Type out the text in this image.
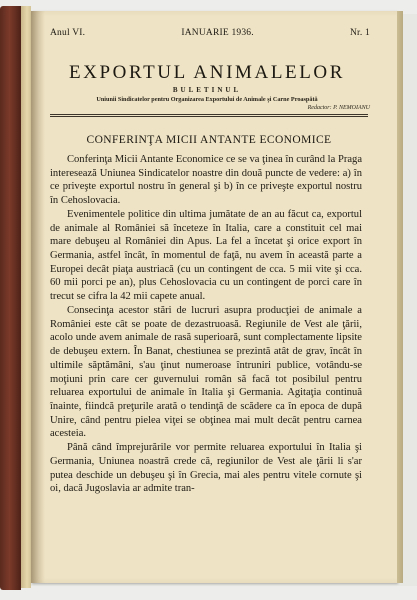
Anul VI.	IANUARIE 1936.	Nr. 1
EXPORTUL ANIMALELOR
BULETINUL
Uniunii Sindicatelor pentru Organizarea Exportului de Animale şi Carne Proaspătă
Redactor: P. NEMOIANU
CONFERINŢA MICII ANTANTE ECONOMICE

Conferinţa Micii Antante Economice ce se va ţinea în curând la Praga interesează Uniunea Sindicatelor noastre din două puncte de vedere: a) în ce priveşte exportul nostru în general şi b) în ce priveşte exportul nostru în Cehoslovacia.

Evenimentele politice din ultima jumătate de an au făcut ca, exportul de animale al României să înceteze în Italia, care a constituit cel mai mare debuşeu al României din Apus. La fel a încetat şi orice export în Germania, astfel încât, în momentul de faţă, nu avem în această parte a Europei decât piaţa austriacă (cu un contingent de cca. 5 mii vite şi cca. 60 mii porci pe an), plus Cehoslovacia cu un contingent de porci care în trecut se cifra la 42 mii capete anual.

Consecinţa acestor stări de lucruri asupra producţiei de animale a României este cât se poate de dezastruoasă. Regiunile de Vest ale ţării, acolo unde avem animale de rasă superioară, sunt complectamente lipsite de debuşeu extern. În Banat, chestiunea se prezintă atât de grav, încât în ultimile săptămâni, s'au ţinut numeroase întruniri publice, votându-se moţiuni prin care cer guvernului român să facă tot posibilul pentru reluarea exportului de animale în Italia şi Germania. Agitaţia continuă înainte, fiindcă preţurile arată o tendinţă de scădere ca în epoca de după Unire, când pentru pielea viţei se obţinea mai mult decât pentru carnea acesteia.

Până când împrejurările vor permite reluarea exportului în Italia şi Germania, Uniunea noastră crede că, regiunilor de Vest ale ţării li s'ar putea deschide un debuşeu şi în Grecia, mai ales pentru vitele cornute şi oi, dacă Jugoslavia ar admite tran-
